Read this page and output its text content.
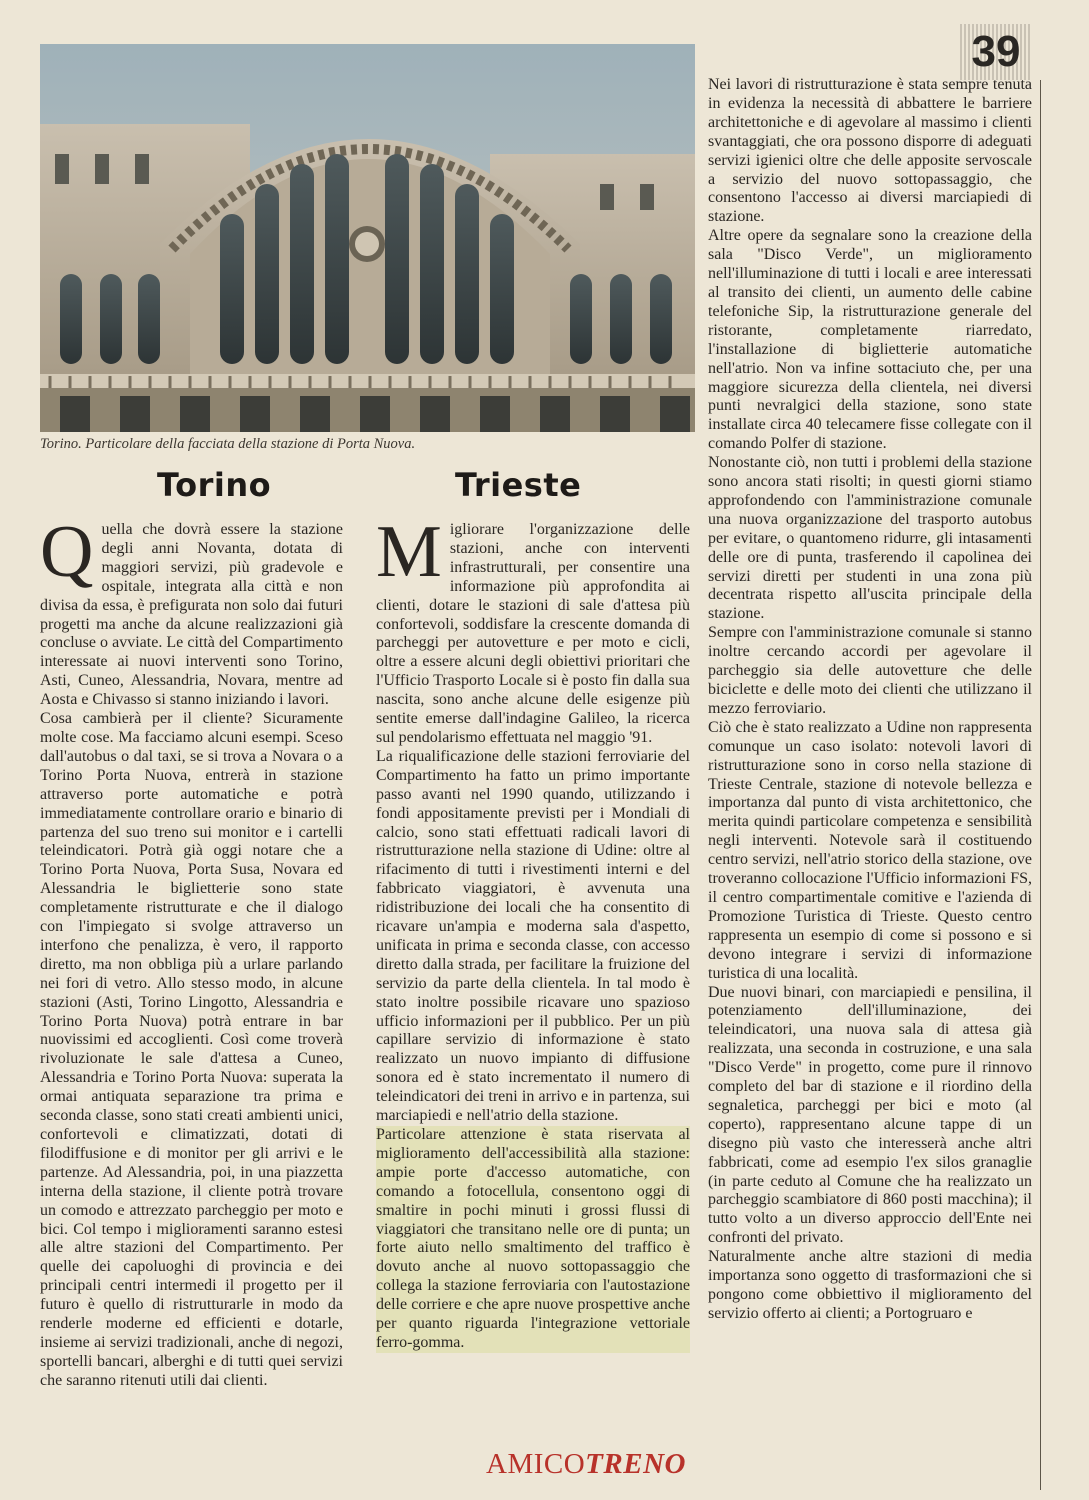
39
Torino. Particolare della facciata della stazione di Porta Nuova.
Torino	Trieste

Quella che dovrà essere la stazione degli anni Novanta, dotata di maggiori servizi, più gradevole e ospitale, integrata alla città e non divisa da essa, è prefigurata non solo dai futuri progetti ma anche da alcune realizzazioni già concluse o avviate. Le città del Compartimento interessate ai nuovi interventi sono Torino, Asti, Cuneo, Alessandria, Novara, mentre ad Aosta e Chivasso si stanno iniziando i lavori.

Cosa cambierà per il cliente? Sicuramente molte cose. Ma facciamo alcuni esempi. Sceso dall'autobus o dal taxi, se si trova a Novara o a Torino Porta Nuova, entrerà in stazione attraverso porte automatiche e potrà immediatamente controllare orario e binario di partenza del suo treno sui monitor e i cartelli teleindicatori. Potrà già oggi notare che a Torino Porta Nuova, Porta Susa, Novara ed Alessandria le biglietterie sono state completamente ristrutturate e che il dialogo con l'impiegato si svolge attraverso un interfono che penalizza, è vero, il rapporto diretto, ma non obbliga più a urlare parlando nei fori di vetro. Allo stesso modo, in alcune stazioni (Asti, Torino Lingotto, Alessandria e Torino Porta Nuova) potrà entrare in bar nuovissimi ed accoglienti. Così come troverà rivoluzionate le sale d'attesa a Cuneo, Alessandria e Torino Porta Nuova: superata la ormai antiquata separazione tra prima e seconda classe, sono stati creati ambienti unici, confortevoli e climatizzati, dotati di filodiffusione e di monitor per gli arrivi e le partenze. Ad Alessandria, poi, in una piazzetta interna della stazione, il cliente potrà trovare un comodo e attrezzato parcheggio per moto e bici. Col tempo i miglioramenti saranno estesi alle altre stazioni del Compartimento. Per quelle dei capoluoghi di provincia e dei principali centri intermedi il progetto per il futuro è quello di ristrutturarle in modo da renderle moderne ed efficienti e dotarle, insieme ai servizi tradizionali, anche di negozi, sportelli bancari, alberghi e di tutti quei servizi che saranno ritenuti utili dai clienti.

Migliorare l'organizzazione delle stazioni, anche con interventi infrastrutturali, per consentire una informazione più approfondita ai clienti, dotare le stazioni di sale d'attesa più confortevoli, soddisfare la crescente domanda di parcheggi per autovetture e per moto e cicli, oltre a essere alcuni degli obiettivi prioritari che l'Ufficio Trasporto Locale si è posto fin dalla sua nascita, sono anche alcune delle esigenze più sentite emerse dall'indagine Galileo, la ricerca sul pendolarismo effettuata nel maggio '91.

La riqualificazione delle stazioni ferroviarie del Compartimento ha fatto un primo importante passo avanti nel 1990 quando, utilizzando i fondi appositamente previsti per i Mondiali di calcio, sono stati effettuati radicali lavori di ristrutturazione nella stazione di Udine: oltre al rifacimento di tutti i rivestimenti interni e del fabbricato viaggiatori, è avvenuta una ridistribuzione dei locali che ha consentito di ricavare un'ampia e moderna sala d'aspetto, unificata in prima e seconda classe, con accesso diretto dalla strada, per facilitare la fruizione del servizio da parte della clientela. In tal modo è stato inoltre possibile ricavare uno spazioso ufficio informazioni per il pubblico. Per un più capillare servizio di informazione è stato realizzato un nuovo impianto di diffusione sonora ed è stato incrementato il numero di teleindicatori dei treni in arrivo e in partenza, sui marciapiedi e nell'atrio della stazione.

Particolare attenzione è stata riservata al miglioramento dell'accessibilità alla stazione: ampie porte d'accesso automatiche, con comando a fotocellula, consentono oggi di smaltire in pochi minuti i grossi flussi di viaggiatori che transitano nelle ore di punta; un forte aiuto nello smaltimento del traffico è dovuto anche al nuovo sottopassaggio che collega la stazione ferroviaria con l'autostazione delle corriere e che apre nuove prospettive anche per quanto riguarda l'integrazione vettoriale ferro-gomma.

Nei lavori di ristrutturazione è stata sempre tenuta in evidenza la necessità di abbattere le barriere architettoniche e di agevolare al massimo i clienti svantaggiati, che ora possono disporre di adeguati servizi igienici oltre che delle apposite servoscale a servizio del nuovo sottopassaggio, che consentono l'accesso ai diversi marciapiedi di stazione.

Altre opere da segnalare sono la creazione della sala "Disco Verde", un miglioramento nell'illuminazione di tutti i locali e aree interessati al transito dei clienti, un aumento delle cabine telefoniche Sip, la ristrutturazione generale del ristorante, completamente riarredato, l'installazione di biglietterie automatiche nell'atrio. Non va infine sottaciuto che, per una maggiore sicurezza della clientela, nei diversi punti nevralgici della stazione, sono state installate circa 40 telecamere fisse collegate con il comando Polfer di stazione.

Nonostante ciò, non tutti i problemi della stazione sono ancora stati risolti; in questi giorni stiamo approfondendo con l'amministrazione comunale una nuova organizzazione del trasporto autobus per evitare, o quantomeno ridurre, gli intasamenti delle ore di punta, trasferendo il capolinea dei servizi diretti per studenti in una zona più decentrata rispetto all'uscita principale della stazione.

Sempre con l'amministrazione comunale si stanno inoltre cercando accordi per agevolare il parcheggio sia delle autovetture che delle biciclette e delle moto dei clienti che utilizzano il mezzo ferroviario.

Ciò che è stato realizzato a Udine non rappresenta comunque un caso isolato: notevoli lavori di ristrutturazione sono in corso nella stazione di Trieste Centrale, stazione di notevole bellezza e importanza dal punto di vista architettonico, che merita quindi particolare competenza e sensibilità negli interventi. Notevole sarà il costituendo centro servizi, nell'atrio storico della stazione, ove troveranno collocazione l'Ufficio informazioni FS, il centro compartimentale comitive e l'azienda di Promozione Turistica di Trieste. Questo centro rappresenta un esempio di come si possono e si devono integrare i servizi di informazione turistica di una località.

Due nuovi binari, con marciapiedi e pensilina, il potenziamento dell'illuminazione, dei teleindicatori, una nuova sala di attesa già realizzata, una seconda in costruzione, e una sala "Disco Verde" in progetto, come pure il rinnovo completo del bar di stazione e il riordino della segnaletica, parcheggi per bici e moto (al coperto), rappresentano alcune tappe di un disegno più vasto che interesserà anche altri fabbricati, come ad esempio l'ex silos granaglie (in parte ceduto al Comune che ha realizzato un parcheggio scambiatore di 860 posti macchina); il tutto volto a un diverso approccio dell'Ente nei confronti del privato.

Naturalmente anche altre stazioni di media importanza sono oggetto di trasformazioni che si pongono come obbiettivo il miglioramento del servizio offerto ai clienti; a Portogruaro e

AMICOTRENO
